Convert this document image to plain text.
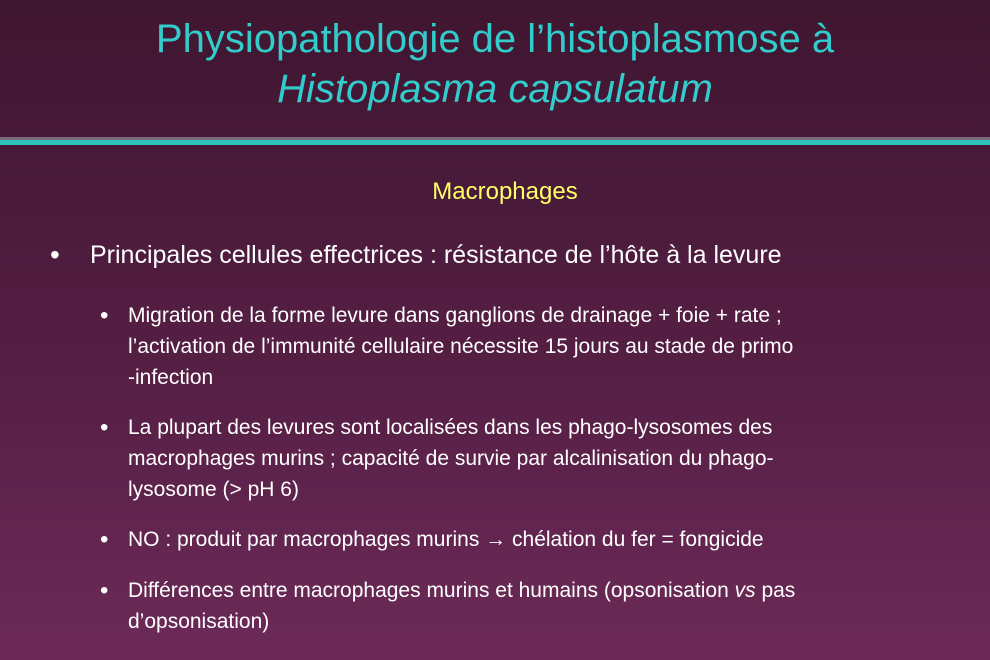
Physiopathologie de l’histoplasmose à
Histoplasma capsulatum
Macrophages
• Principales cellules effectrices : résistance de l’hôte à la levure
• Migration de la forme levure dans ganglions de drainage + foie + rate ;
l’activation de l’immunité cellulaire nécessite 15 jours au stade de primo
-infection
• La plupart des levures sont localisées dans les phago-lysosomes des
macrophages murins ; capacité de survie par alcalinisation du phago-
lysosome (> pH 6)
• NO : produit par macrophages murins → chélation du fer = fongicide
• Différences entre macrophages murins et humains (opsonisation vs pas
d’opsonisation)
